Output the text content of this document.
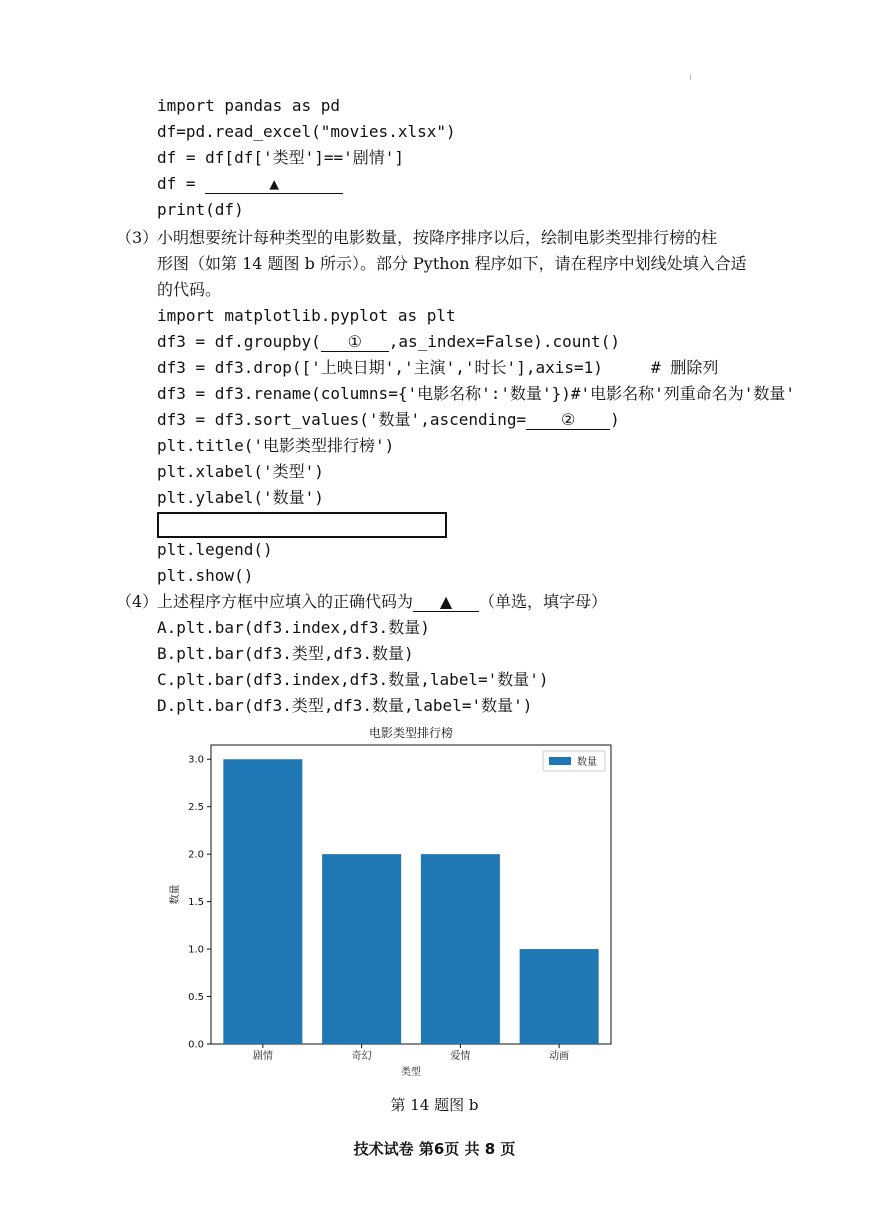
import pandas as pd
df=pd.read_excel("movies.xlsx")
df = df[df['类型']=='剧情']
df =	▲
print(df)
（3）
小明想要统计每种类型的电影数量，按降序排序以后，绘制电影类型排行榜的柱
形图（如第 14 题图 b 所示）。部分 Python 程序如下，请在程序中划线处填入合适
的代码。
import matplotlib.pyplot as plt
df3 = df.groupby( ① ,as_index=False).count()
df3 = df3.drop(['上映日期','主演','时长'],axis=1)     # 删除列
df3 = df3.rename(columns={'电影名称':'数量'})#'电影名称'列重命名为'数量'
df3 = df3.sort_values('数量',ascending= ② )
plt.title('电影类型排行榜')
plt.xlabel('类型')
plt.ylabel('数量')
plt.legend()
plt.show()
（4）
上述程序方框中应填入的正确代码为 ▲ （单选，填字母）
A.plt.bar(df3.index,df3.数量)
B.plt.bar(df3.类型,df3.数量)
C.plt.bar(df3.index,df3.数量,label='数量')
D.plt.bar(df3.类型,df3.数量,label='数量')
电影类型排行榜
0.0
0.5
1.0
1.5
2.0
2.5
3.0
剧情	奇幻	爱情	动画
数量
类型
数量
第 14 题图 b
技术试卷 第6页 共 8 页
